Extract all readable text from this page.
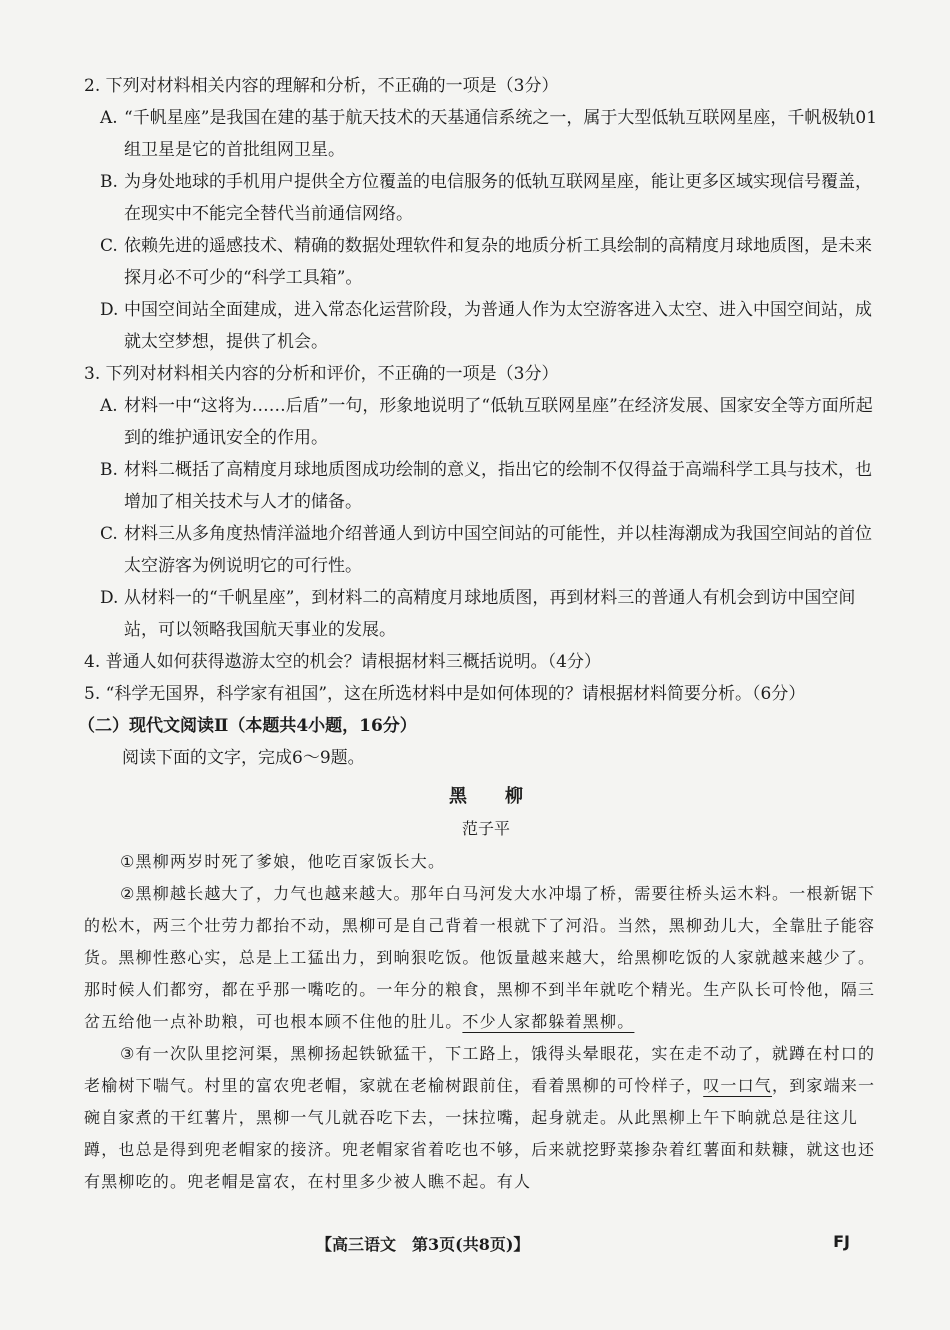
2. 下列对材料相关内容的理解和分析，不正确的一项是（3分）

A. “千帆星座”是我国在建的基于航天技术的天基通信系统之一，属于大型低轨互联网星座，千帆极轨01组卫星是它的首批组网卫星。

B. 为身处地球的手机用户提供全方位覆盖的电信服务的低轨互联网星座，能让更多区域实现信号覆盖，在现实中不能完全替代当前通信网络。

C. 依赖先进的遥感技术、精确的数据处理软件和复杂的地质分析工具绘制的高精度月球地质图，是未来探月必不可少的“科学工具箱”。

D. 中国空间站全面建成，进入常态化运营阶段，为普通人作为太空游客进入太空、进入中国空间站，成就太空梦想，提供了机会。

3. 下列对材料相关内容的分析和评价，不正确的一项是（3分）

A. 材料一中“这将为……后盾”一句，形象地说明了“低轨互联网星座”在经济发展、国家安全等方面所起到的维护通讯安全的作用。

B. 材料二概括了高精度月球地质图成功绘制的意义，指出它的绘制不仅得益于高端科学工具与技术，也增加了相关技术与人才的储备。

C. 材料三从多角度热情洋溢地介绍普通人到访中国空间站的可能性，并以桂海潮成为我国空间站的首位太空游客为例说明它的可行性。

D. 从材料一的“千帆星座”，到材料二的高精度月球地质图，再到材料三的普通人有机会到访中国空间站，可以领略我国航天事业的发展。

4. 普通人如何获得遨游太空的机会？请根据材料三概括说明。（4分）

5. “科学无国界，科学家有祖国”，这在所选材料中是如何体现的？请根据材料简要分析。（6分）

（二）现代文阅读Ⅱ（本题共4小题，16分）

阅读下面的文字，完成6～9题。

黑柳

范子平

①黑柳两岁时死了爹娘，他吃百家饭长大。

②黑柳越长越大了，力气也越来越大。那年白马河发大水冲塌了桥，需要往桥头运木料。一根新锯下的松木，两三个壮劳力都抬不动，黑柳可是自己背着一根就下了河沿。当然，黑柳劲儿大，全靠肚子能容货。黑柳性憨心实，总是上工猛出力，到晌狠吃饭。他饭量越来越大，给黑柳吃饭的人家就越来越少了。那时候人们都穷，都在乎那一嘴吃的。一年分的粮食，黑柳不到半年就吃个精光。生产队长可怜他，隔三岔五给他一点补助粮，可也根本顾不住他的肚儿。不少人家都躲着黑柳。

③有一次队里挖河渠，黑柳扬起铁锨猛干，下工路上，饿得头晕眼花，实在走不动了，就蹲在村口的老榆树下喘气。村里的富农兜老帽，家就在老榆树跟前住，看着黑柳的可怜样子，叹一口气，到家端来一碗自家煮的干红薯片，黑柳一气儿就吞吃下去，一抹拉嘴，起身就走。从此黑柳上午下晌就总是往这儿蹲，也总是得到兜老帽家的接济。兜老帽家省着吃也不够，后来就挖野菜掺杂着红薯面和麸糠，就这也还有黑柳吃的。兜老帽是富农，在村里多少被人瞧不起。有人

【高三语文　第3页(共8页)】	FJ
